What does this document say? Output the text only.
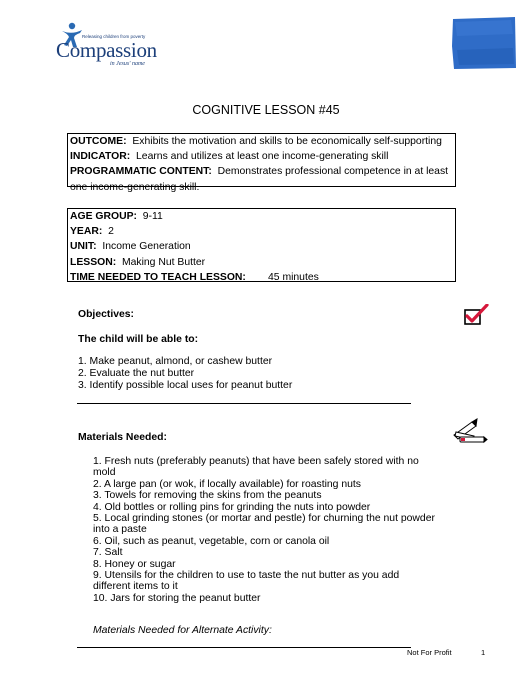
Releasing children from poverty
Compassion
in Jesus' name
COGNITIVE LESSON #45

OUTCOME: Exhibits the motivation and skills to be economically self-supporting

INDICATOR: Learns and utilizes at least one income-generating skill

PROGRAMMATIC CONTENT: Demonstrates professional competence in at least one income-generating skill.

AGE GROUP: 9-11

YEAR: 2

UNIT: Income Generation

LESSON: Making Nut Butter

TIME NEEDED TO TEACH LESSON: 45 minutes

Objectives:
The child will be able to:
1. Make peanut, almond, or cashew butter
2. Evaluate the nut butter
3. Identify possible local uses for peanut butter
Materials Needed:
1. Fresh nuts (preferably peanuts) that have been safely stored with no mold
2. A large pan (or wok, if locally available) for roasting nuts
3. Towels for removing the skins from the peanuts
4. Old bottles or rolling pins for grinding the nuts into powder
5. Local grinding stones (or mortar and pestle) for churning the nut powder into a paste
6. Oil, such as peanut, vegetable, corn or canola oil
7. Salt
8. Honey or sugar
9. Utensils for the children to use to taste the nut butter as you add different items to it
10. Jars for storing the peanut butter
Materials Needed for Alternate Activity:
Not For Profit	1
